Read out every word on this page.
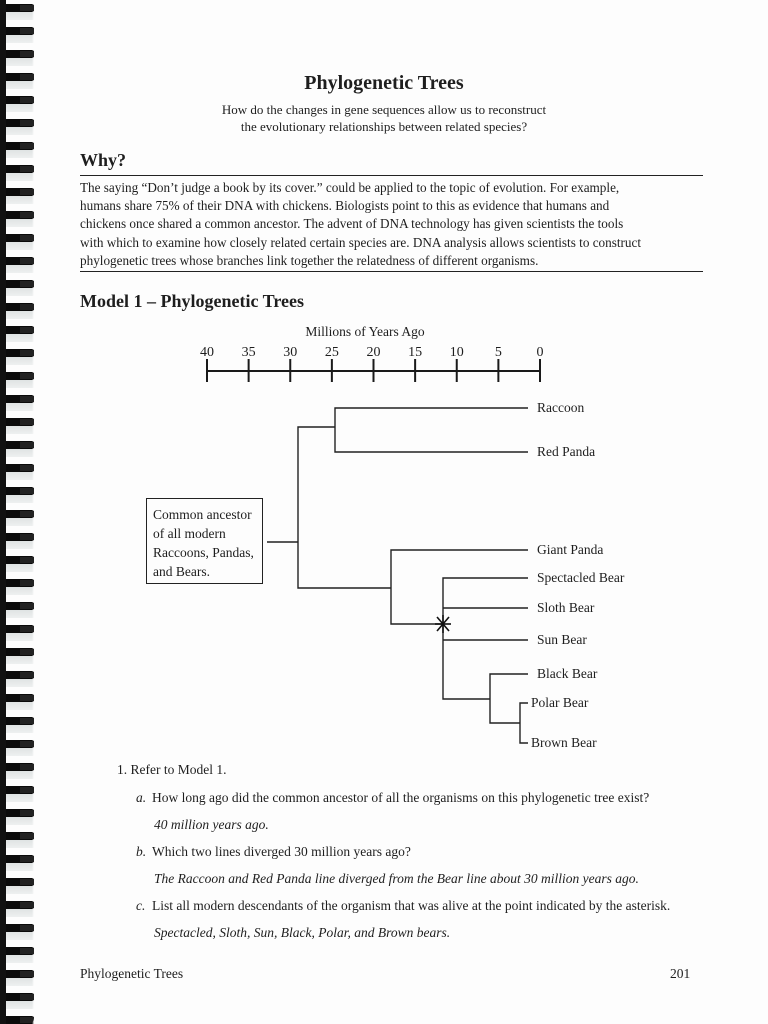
Phylogenetic Trees
How do the changes in gene sequences allow us to reconstruct
the evolutionary relationships between related species?
Why?
The saying “Don’t judge a book by its cover.” could be applied to the topic of evolution. For example,
humans share 75% of their DNA with chickens. Biologists point to this as evidence that humans and
chickens once shared a common ancestor. The advent of DNA technology has given scientists the tools
with which to examine how closely related certain species are. DNA analysis allows scientists to construct
phylogenetic trees whose branches link together the relatedness of different organisms.
Model 1 – Phylogenetic Trees
Millions of Years Ago
40 35 30 25 20 15 10 5 0
Raccoon
Red Panda
Giant Panda
Spectacled Bear
Sloth Bear
Sun Bear
Black Bear
Polar Bear
Brown Bear
Common ancestor
of all modern
Raccoons, Pandas,
and Bears.
1. Refer to Model 1.
a. How long ago did the common ancestor of all the organisms on this phylogenetic tree exist?
40 million years ago.
b. Which two lines diverged 30 million years ago?
The Raccoon and Red Panda line diverged from the Bear line about 30 million years ago.
c. List all modern descendants of the organism that was alive at the point indicated by the asterisk.
Spectacled, Sloth, Sun, Black, Polar, and Brown bears.
Phylogenetic Trees	201
